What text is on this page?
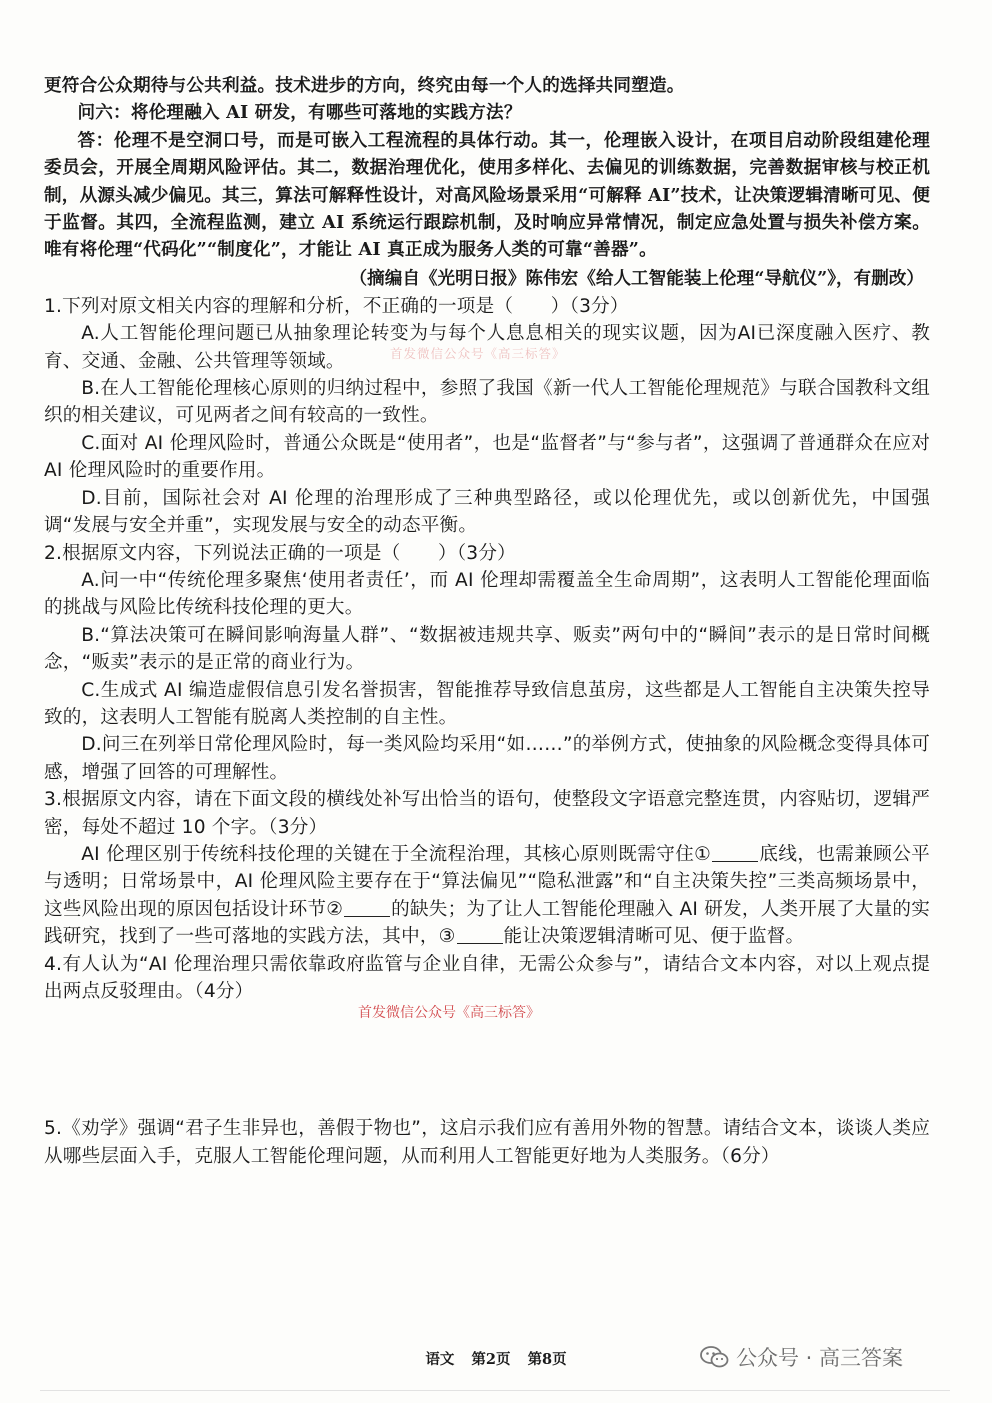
更符合公众期待与公共利益。技术进步的方向，终究由每一个人的选择共同塑造。

问六：将伦理融入 AI 研发，有哪些可落地的实践方法？

答：伦理不是空洞口号，而是可嵌入工程流程的具体行动。其一，伦理嵌入设计，在项目启动阶段组建伦理委员会，开展全周期风险评估。其二，数据治理优化，使用多样化、去偏见的训练数据，完善数据审核与校正机制，从源头减少偏见。其三，算法可解释性设计，对高风险场景采用“可解释 AI”技术，让决策逻辑清晰可见、便于监督。其四，全流程监测，建立 AI 系统运行跟踪机制，及时响应异常情况，制定应急处置与损失补偿方案。唯有将伦理“代码化”“制度化”，才能让 AI 真正成为服务人类的可靠“善器”。

（摘编自《光明日报》陈伟宏《给人工智能装上伦理“导航仪”》，有删改）

1.下列对原文相关内容的理解和分析，不正确的一项是（　　）（3分）

A.人工智能伦理问题已从抽象理论转变为与每个人息息相关的现实议题，因为AI已深度融入医疗、教育、交通、金融、公共管理等领域。

B.在人工智能伦理核心原则的归纳过程中，参照了我国《新一代人工智能伦理规范》与联合国教科文组织的相关建议，可见两者之间有较高的一致性。

C.面对 AI 伦理风险时，普通公众既是“使用者”，也是“监督者”与“参与者”，这强调了普通群众在应对 AI 伦理风险时的重要作用。

D.目前，国际社会对 AI 伦理的治理形成了三种典型路径，或以伦理优先，或以创新优先，中国强调“发展与安全并重”，实现发展与安全的动态平衡。

2.根据原文内容，下列说法正确的一项是（　　）（3分）

A.问一中“传统伦理多聚焦‘使用者责任’，而 AI 伦理却需覆盖全生命周期”，这表明人工智能伦理面临的挑战与风险比传统科技伦理的更大。

B.“算法决策可在瞬间影响海量人群”、“数据被违规共享、贩卖”两句中的“瞬间”表示的是日常时间概念，“贩卖”表示的是正常的商业行为。

C.生成式 AI 编造虚假信息引发名誉损害，智能推荐导致信息茧房，这些都是人工智能自主决策失控导致的，这表明人工智能有脱离人类控制的自主性。

D.问三在列举日常伦理风险时，每一类风险均采用“如……”的举例方式，使抽象的风险概念变得具体可感，增强了回答的可理解性。

3.根据原文内容，请在下面文段的横线处补写出恰当的语句，使整段文字语意完整连贯，内容贴切，逻辑严密，每处不超过 10 个字。（3分）

AI 伦理区别于传统科技伦理的关键在于全流程治理，其核心原则既需守住①	底线，也需兼顾公平与透明；日常场景中，AI 伦理风险主要存在于“算法偏见”“隐私泄露”和“自主决策失控”三类高频场景中，这些风险出现的原因包括设计环节②	的缺失；为了让人工智能伦理融入 AI 研发，人类开展了大量的实践研究，找到了一些可落地的实践方法，其中，③	能让决策逻辑清晰可见、便于监督。

4.有人认为“AI 伦理治理只需依靠政府监管与企业自律，无需公众参与”，请结合文本内容，对以上观点提出两点反驳理由。（4分）

5.《劝学》强调“君子生非异也，善假于物也”，这启示我们应有善用外物的智慧。请结合文本，谈谈人类应从哪些层面入手，克服人工智能伦理问题，从而利用人工智能更好地为人类服务。（6分）

首发微信公众号《高三标答》
首发微信公众号《高三标答》
语文 第2页 第8页	公众号 · 高三答案
